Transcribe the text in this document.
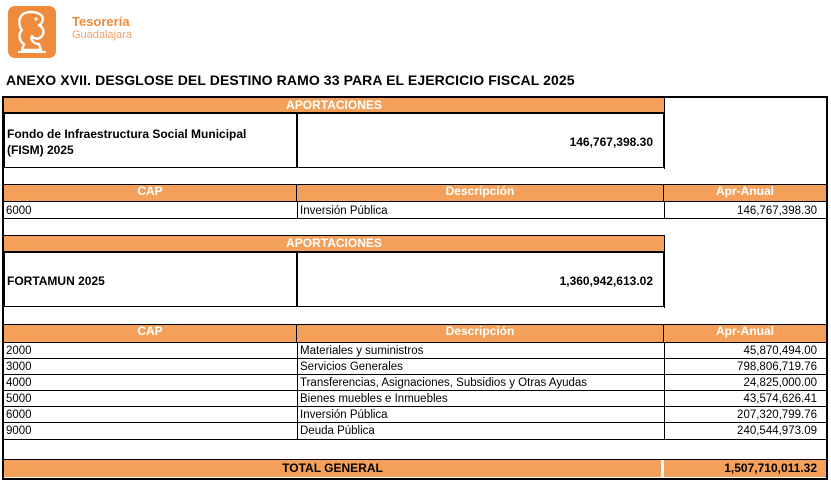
Tesorería
Guadalajara
ANEXO XVII. DESGLOSE DEL DESTINO RAMO 33 PARA EL EJERCICIO FISCAL 2025
APORTACIONES
Fondo de Infraestructura Social Municipal
(FISM) 2025
146,767,398.30
CAP	Descripción	Apr-Anual
6000	Inversión Pública	146,767,398.30
APORTACIONES
FORTAMUN 2025	1,360,942,613.02
CAP	Descripción	Apr-Anual
2000	Materiales y suministros	45,870,494.00
3000	Servicios Generales	798,806,719.76
4000	Transferencias, Asignaciones, Subsidios y Otras Ayudas	24,825,000.00
5000	Bienes muebles e Inmuebles	43,574,626.41
6000	Inversión Pública	207,320,799.76
9000	Deuda Pública	240,544,973.09
TOTAL GENERAL	1,507,710,011.32
